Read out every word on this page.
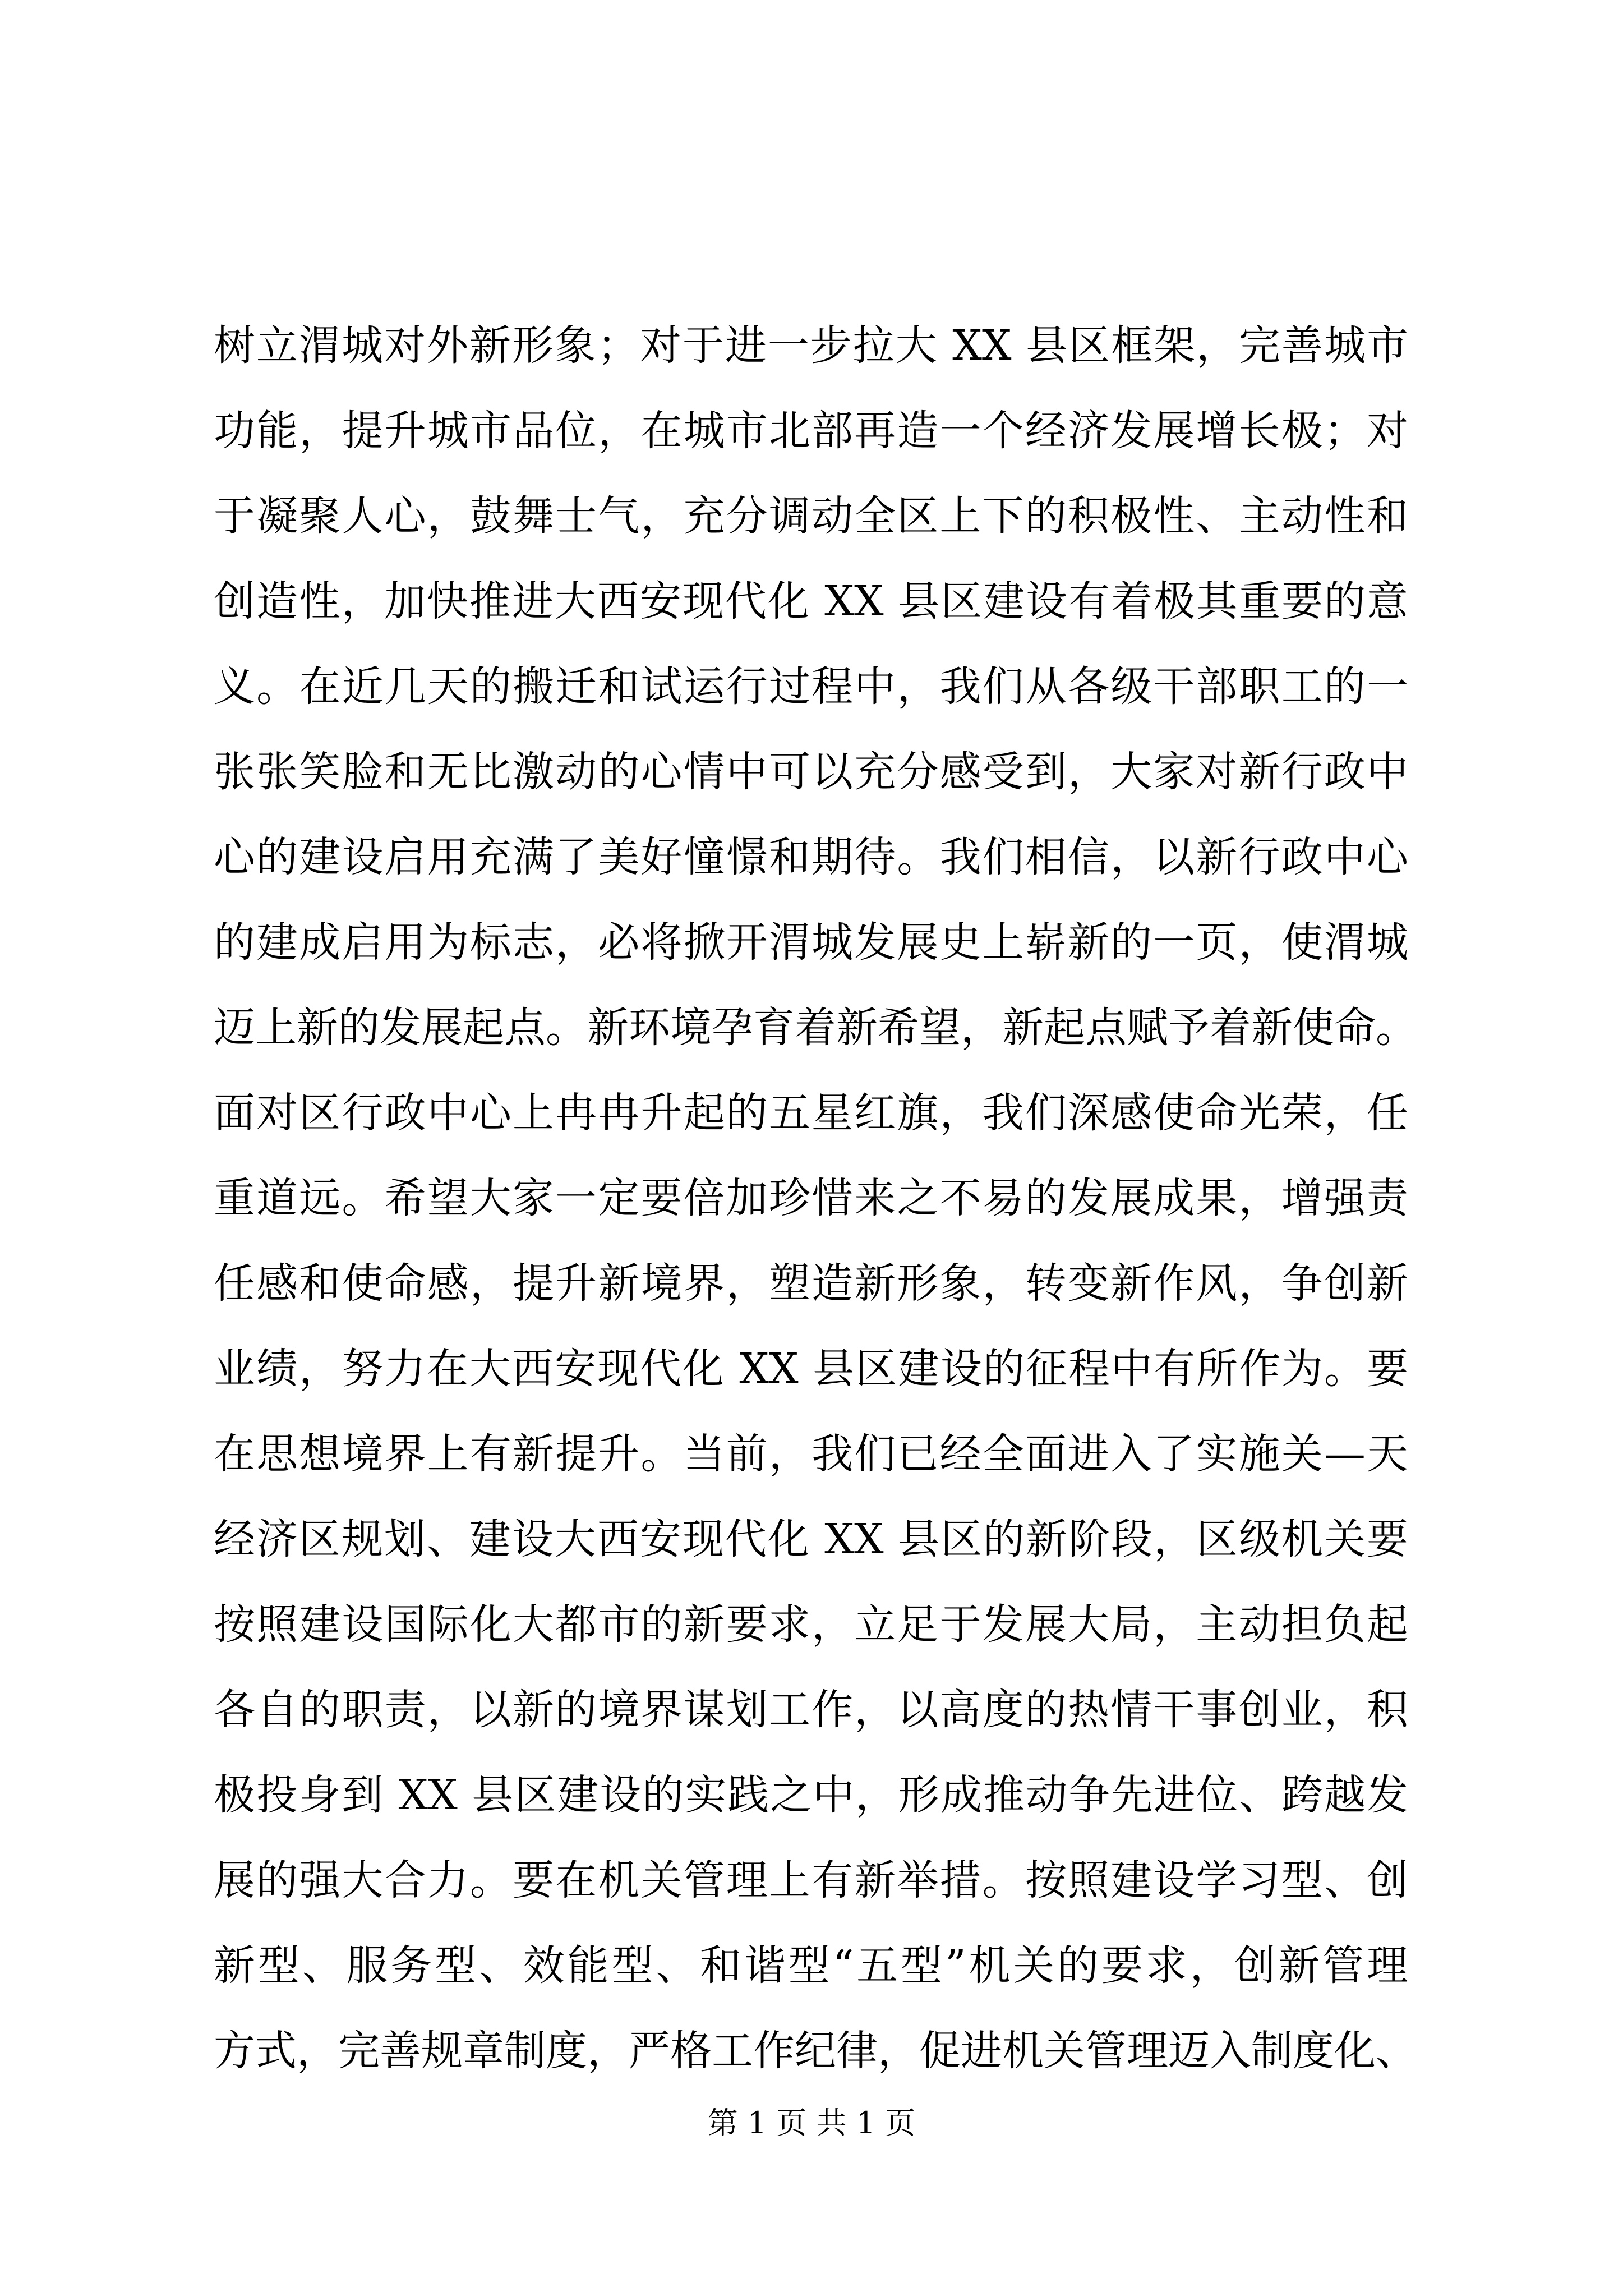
树立渭城对外新形象；对于进一步拉大 XX 县区框架，完善城市
功能，提升城市品位，在城市北部再造一个经济发展增长极；对
于凝聚人心，鼓舞士气，充分调动全区上下的积极性、主动性和
创造性，加快推进大西安现代化 XX 县区建设有着极其重要的意
义。在近几天的搬迁和试运行过程中，我们从各级干部职工的一
张张笑脸和无比激动的心情中可以充分感受到，大家对新行政中
心的建设启用充满了美好憧憬和期待。我们相信，以新行政中心
的建成启用为标志，必将掀开渭城发展史上崭新的一页，使渭城
迈上新的发展起点。新环境孕育着新希望，新起点赋予着新使命。
面对区行政中心上冉冉升起的五星红旗，我们深感使命光荣，任
重道远。希望大家一定要倍加珍惜来之不易的发展成果，增强责
任感和使命感，提升新境界，塑造新形象，转变新作风，争创新
业绩，努力在大西安现代化 XX 县区建设的征程中有所作为。要
在思想境界上有新提升。当前，我们已经全面进入了实施关—天
经济区规划、建设大西安现代化 XX 县区的新阶段，区级机关要
按照建设国际化大都市的新要求，立足于发展大局，主动担负起
各自的职责，以新的境界谋划工作，以高度的热情干事创业，积
极投身到 XX 县区建设的实践之中，形成推动争先进位、跨越发
展的强大合力。要在机关管理上有新举措。按照建设学习型、创
新型、服务型、效能型、和谐型“五型”机关的要求，创新管理
方式，完善规章制度，严格工作纪律，促进机关管理迈入制度化、
第 1 页 共 1 页
